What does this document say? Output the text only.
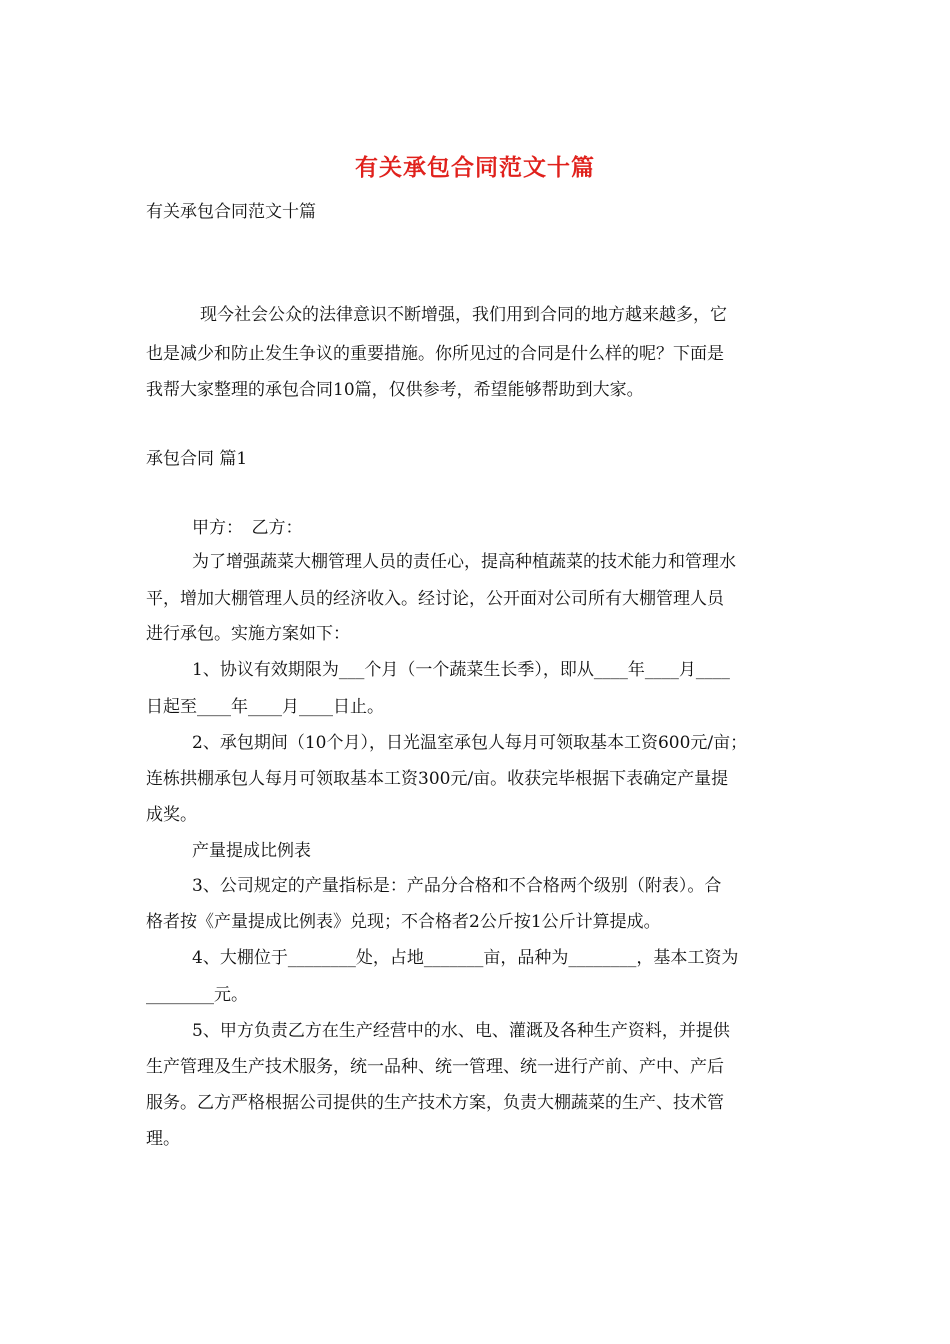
有关承包合同范文十篇
有关承包合同范文十篇
现今社会公众的法律意识不断增强，我们用到合同的地方越来越多，它
也是减少和防止发生争议的重要措施。你所见过的合同是什么样的呢？下面是
我帮大家整理的承包合同10篇，仅供参考，希望能够帮助到大家。
承包合同 篇1
甲方：　乙方：
为了增强蔬菜大棚管理人员的责任心，提高种植蔬菜的技术能力和管理水
平，增加大棚管理人员的经济收入。经讨论，公开面对公司所有大棚管理人员
进行承包。实施方案如下：
1、协议有效期限为___个月（一个蔬菜生长季），即从____年____月____
日起至____年____月____日止。
2、承包期间（10个月），日光温室承包人每月可领取基本工资600元/亩；
连栋拱棚承包人每月可领取基本工资300元/亩。收获完毕根据下表确定产量提
成奖。
产量提成比例表
3、公司规定的产量指标是：产品分合格和不合格两个级别（附表）。合
格者按《产量提成比例表》兑现；不合格者2公斤按1公斤计算提成。
4、大棚位于________处，占地_______亩，品种为________，基本工资为
________元。
5、甲方负责乙方在生产经营中的水、电、灌溉及各种生产资料，并提供
生产管理及生产技术服务，统一品种、统一管理、统一进行产前、产中、产后
服务。乙方严格根据公司提供的生产技术方案，负责大棚蔬菜的生产、技术管
理。
